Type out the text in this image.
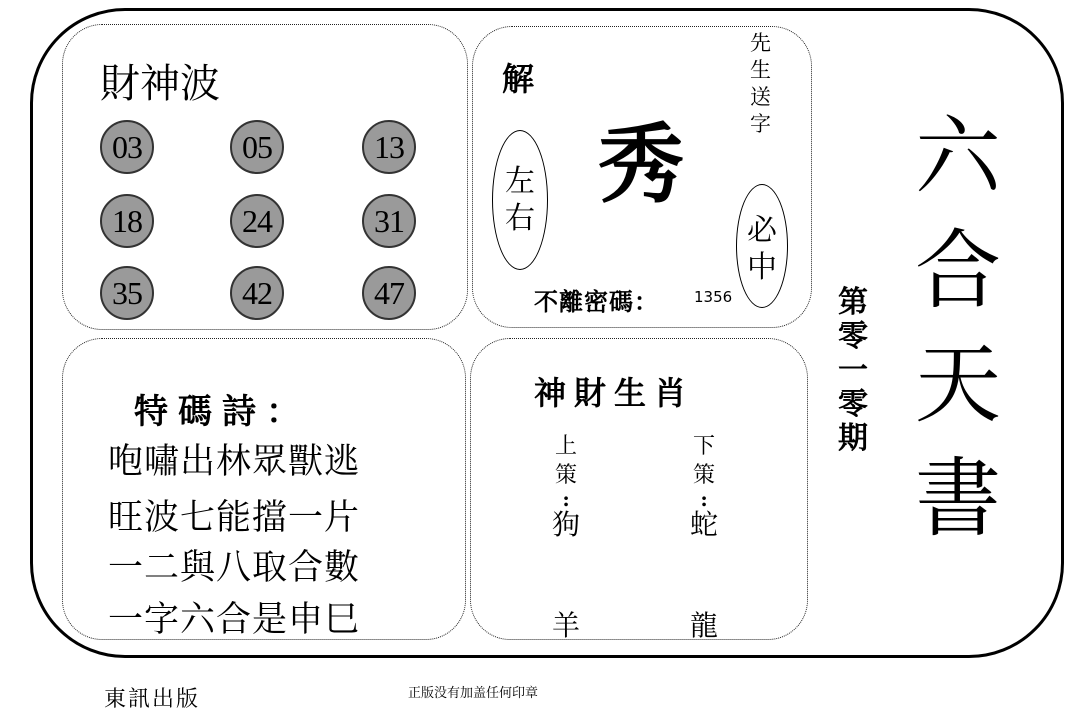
財神波
03	05	13
18	24	31
35	42	47
解
左
右
秀
先
生
送
字
必
中
不離密碼： 1356
特碼詩：
咆嘯出林眾獸逃
旺波七能擋一片
一二與八取合數
一字六合是申巳
神財生肖
上
策
:
狗
羊
下
策
:
蛇
龍
第
零
一
零
期
六
合
天
書
東訊出版	正版没有加盖任何印章
